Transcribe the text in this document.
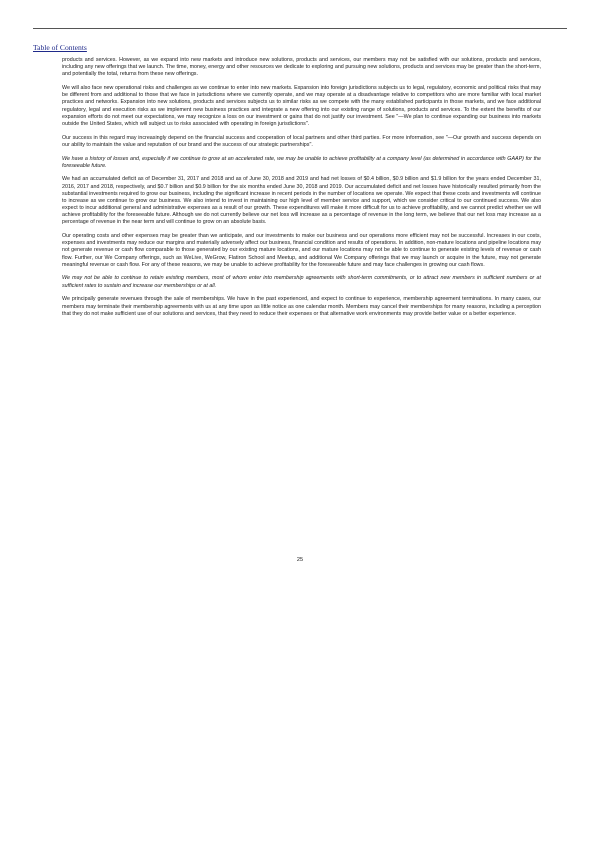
Table of Contents

products and services. However, as we expand into new markets and introduce new solutions, products and services, our members may not be satisfied with our solutions, products and services, including any new offerings that we launch. The time, money, energy and other resources we dedicate to exploring and pursuing new solutions, products and services may be greater than the short-term, and potentially the total, returns from these new offerings.

We will also face new operational risks and challenges as we continue to enter into new markets. Expansion into foreign jurisdictions subjects us to legal, regulatory, economic and political risks that may be different from and additional to those that we face in jurisdictions where we currently operate, and we may operate at a disadvantage relative to competitors who are more familiar with local market practices and networks. Expansion into new solutions, products and services subjects us to similar risks as we compete with the many established participants in those markets, and we face additional regulatory, legal and execution risks as we implement new business practices and integrate a new offering into our existing range of solutions, products and services. To the extent the benefits of our expansion efforts do not meet our expectations, we may recognize a loss on our investment or gains that do not justify our investment. See "—We plan to continue expanding our business into markets outside the United States, which will subject us to risks associated with operating in foreign jurisdictions".

Our success in this regard may increasingly depend on the financial success and cooperation of local partners and other third parties. For more information, see "—Our growth and success depends on our ability to maintain the value and reputation of our brand and the success of our strategic partnerships".

We have a history of losses and, especially if we continue to grow at an accelerated rate, we may be unable to achieve profitability at a company level (as determined in accordance with GAAP) for the foreseeable future.

We had an accumulated deficit as of December 31, 2017 and 2018 and as of June 30, 2018 and 2019 and had net losses of $0.4 billion, $0.9 billion and $1.9 billion for the years ended December 31, 2016, 2017 and 2018, respectively, and $0.7 billion and $0.9 billion for the six months ended June 30, 2018 and 2019. Our accumulated deficit and net losses have historically resulted primarily from the substantial investments required to grow our business, including the significant increase in recent periods in the number of locations we operate. We expect that these costs and investments will continue to increase as we continue to grow our business. We also intend to invest in maintaining our high level of member service and support, which we consider critical to our continued success. We also expect to incur additional general and administrative expenses as a result of our growth. These expenditures will make it more difficult for us to achieve profitability, and we cannot predict whether we will achieve profitability for the foreseeable future. Although we do not currently believe our net loss will increase as a percentage of revenue in the long term, we believe that our net loss may increase as a percentage of revenue in the near term and will continue to grow on an absolute basis.

Our operating costs and other expenses may be greater than we anticipate, and our investments to make our business and our operations more efficient may not be successful. Increases in our costs, expenses and investments may reduce our margins and materially adversely affect our business, financial condition and results of operations. In addition, non-mature locations and pipeline locations may not generate revenue or cash flow comparable to those generated by our existing mature locations, and our mature locations may not be able to continue to generate existing levels of revenue or cash flow. Further, our We Company offerings, such as WeLive, WeGrow, Flatiron School and Meetup, and additional We Company offerings that we may launch or acquire in the future, may not generate meaningful revenue or cash flow. For any of these reasons, we may be unable to achieve profitability for the foreseeable future and may face challenges in growing our cash flows.

We may not be able to continue to retain existing members, most of whom enter into membership agreements with short-term commitments, or to attract new members in sufficient numbers or at sufficient rates to sustain and increase our memberships or at all.

We principally generate revenues through the sale of memberships. We have in the past experienced, and expect to continue to experience, membership agreement terminations. In many cases, our members may terminate their membership agreements with us at any time upon as little notice as one calendar month. Members may cancel their memberships for many reasons, including a perception that they do not make sufficient use of our solutions and services, that they need to reduce their expenses or that alternative work environments may provide better value or a better experience.

25
